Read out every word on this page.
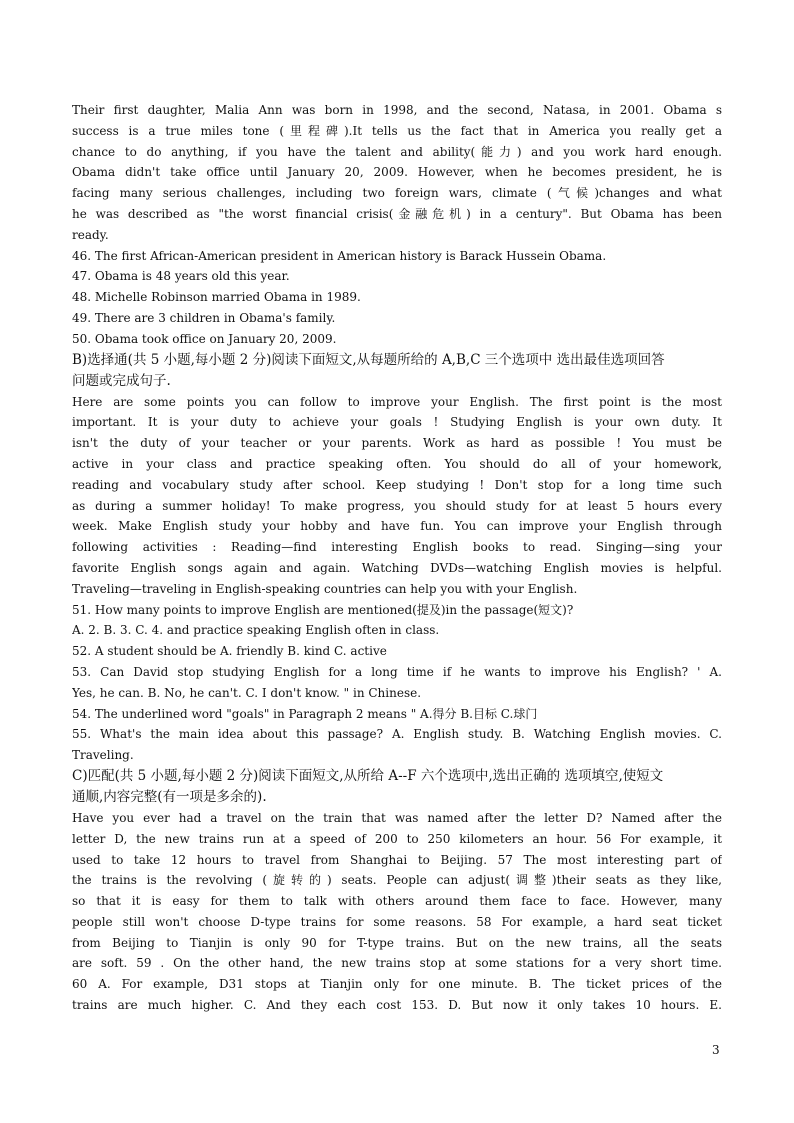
Their first daughter, Malia Ann was born in 1998, and the second, Natasa, in 2001. Obama s
success is a true miles tone (里程碑).It tells us the fact that in America you really get a
chance to do anything, if you have the talent and ability(能力) and you work hard enough.
Obama didn't take office until January 20, 2009. However, when he becomes president, he is
facing many serious challenges, including two foreign wars, climate (气候)changes and what
he was described as "the worst financial crisis(金融危机) in a century". But Obama has been
ready.
46. The first African-American president in American history is Barack Hussein Obama.
47. Obama is 48 years old this year.
48. Michelle Robinson married Obama in 1989.
49. There are 3 children in Obama's family.
50. Obama took office on January 20, 2009.
B)选择通(共 5 小题,每小题 2 分)阅读下面短文,从每题所给的 A,B,C 三个选项中 选出最佳选项回答
问题或完成句子.
Here are some points you can follow to improve your English. The first point is the most
important. It is your duty to achieve your goals ! Studying English is your own duty. It
isn't the duty of your teacher or your parents. Work as hard as possible ! You must be
active in your class and practice speaking often. You should do all of your homework,
reading and vocabulary study after school. Keep studying ! Don't stop for a long time such
as during a summer holiday! To make progress, you should study for at least 5 hours every
week. Make English study your hobby and have fun. You can improve your English through
following activities : Reading—find interesting English books to read. Singing—sing your
favorite English songs again and again. Watching DVDs—watching English movies is helpful.
Traveling—traveling in English-speaking countries can help you with your English.
51. How many points to improve English are mentioned(提及)in the passage(短文)?
A. 2. B. 3. C. 4. and practice speaking English often in class.
52. A student should be A. friendly B. kind C. active
53. Can David stop studying English for a long time if he wants to improve his English? ' A.
Yes, he can. B. No, he can't. C. I don't know. " in Chinese.
54. The underlined word "goals" in Paragraph 2 means " A.得分 B.目标 C.球门
55. What's the main idea about this passage? A. English study. B. Watching English movies. C.
Traveling.
C)匹配(共 5 小题,每小题 2 分)阅读下面短文,从所给 A--F 六个选项中,选出正确的 选项填空,使短文
通顺,内容完整(有一项是多余的).
Have you ever had a travel on the train that was named after the letter D? Named after the
letter D, the new trains run at a speed of 200 to 250 kilometers an hour. 56 For example, it
used to take 12 hours to travel from Shanghai to Beijing. 57 The most interesting part of
the trains is the revolving (旋转的) seats. People can adjust(调整)their seats as they like,
so that it is easy for them to talk with others around them face to face. However, many
people still won't choose D-type trains for some reasons. 58 For example, a hard seat ticket
from Beijing to Tianjin is only 90 for T-type trains. But on the new trains, all the seats
are soft. 59 . On the other hand, the new trains stop at some stations for a very short time.
60 A. For example, D31 stops at Tianjin only for one minute. B. The ticket prices of the
trains are much higher. C. And they each cost 153. D. But now it only takes 10 hours. E.
3
